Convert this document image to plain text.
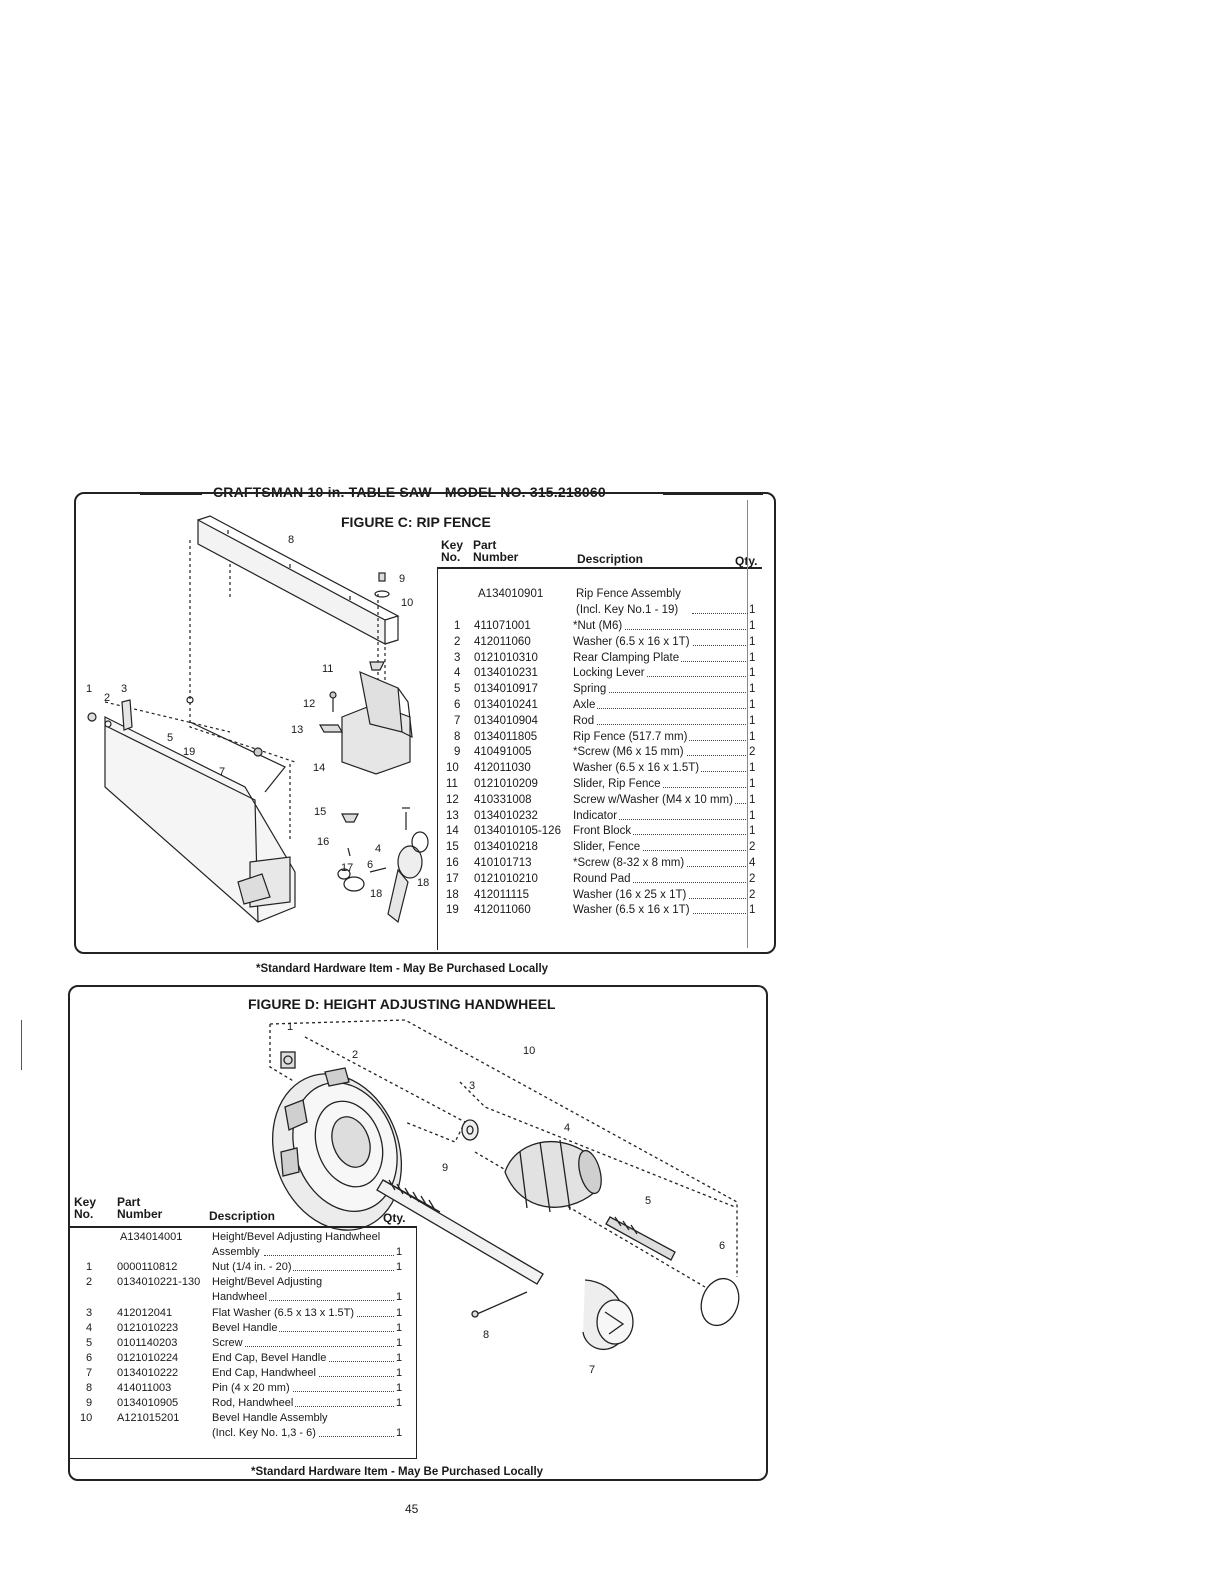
CRAFTSMAN 10 in. TABLE SAW - MODEL NO. 315.218060
FIGURE C: RIP FENCE
8
9
10
11
1
2
3
12
13
5
19
14
7
15
16
4
6
17
18
18
Key
No.
Part
Number	Description	Qty.
A134010901	Rip Fence Assembly
(Incl. Key No.1 - 19)	1
1 411071001	*Nut (M6)	1
2 412011060	Washer (6.5 x 16 x 1T)	1
3 0121010310	Rear Clamping Plate	1
4 0134010231	Locking Lever	1
5 0134010917	Spring	1
6 0134010241	Axle	1
7 0134010904	Rod	1
8 0134011805	Rip Fence (517.7 mm)	1
9 410491005	*Screw (M6 x 15 mm)	2
10 412011030	Washer (6.5 x 16 x 1.5T)	1
11 0121010209	Slider, Rip Fence	1
12 410331008	Screw w/Washer (M4 x 10 mm) 1
13 0134010232	Indicator	1
14 0134010105-126 Front Block	1
15 0134010218	Slider, Fence	2
16 410101713	*Screw (8-32 x 8 mm)	4
17 0121010210	Round Pad	2
18 412011115	Washer (16 x 25 x 1T)	2
19 412011060	Washer (6.5 x 16 x 1T)	1
*Standard Hardware Item - May Be Purchased Locally
FIGURE D: HEIGHT ADJUSTING HANDWHEEL
1
10
2
3
4
9
5
6
8
7
Key
No.
Part
Number	Description	Qty.
A134014001	Height/Bevel Adjusting Handwheel
Assembly	1
1 0000110812	Nut (1/4 in. - 20)	1
2 0134010221-130 Height/Bevel Adjusting
Handwheel	1
3 412012041	Flat Washer (6.5 x 13 x 1.5T)	1
4 0121010223	Bevel Handle	1
5 0101140203	Screw	1
6 0121010224	End Cap, Bevel Handle	1
7 0134010222	End Cap, Handwheel	1
8 414011003	Pin (4 x 20 mm)	1
9 0134010905	Rod, Handwheel	1
10 A121015201	Bevel Handle Assembly
(Incl. Key No. 1,3 - 6)	1
*Standard Hardware Item - May Be Purchased Locally
45
